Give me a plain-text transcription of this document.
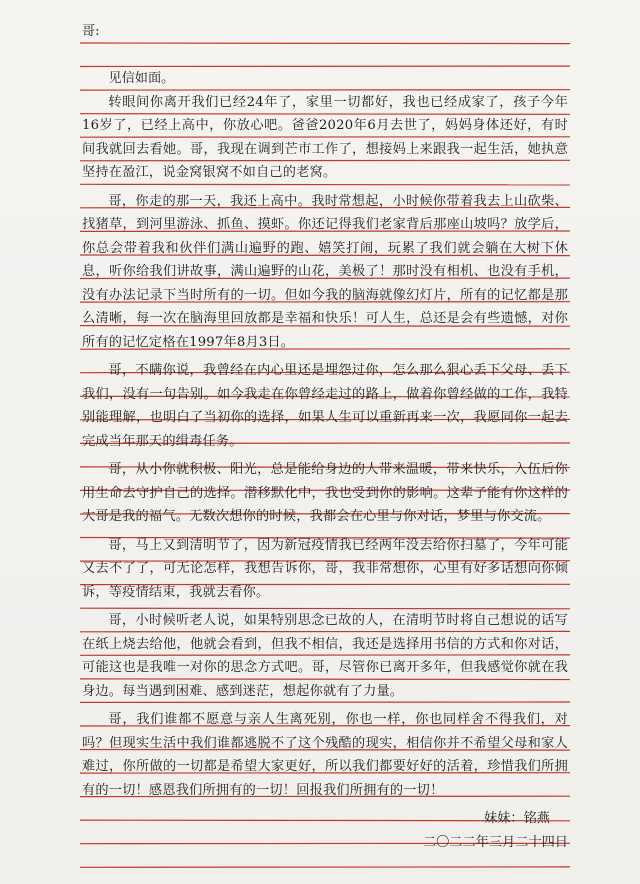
哥:

见信如面。

转眼间你离开我们已经24年了，家里一切都好，我也已经成家了，孩子今年16岁了，已经上高中，你放心吧。爸爸2020年6月去世了，妈妈身体还好，有时间我就回去看她。哥，我现在调到芒市工作了，想接妈上来跟我一起生活，她执意坚持在盈江，说金窝银窝不如自己的老窝。

哥，你走的那一天，我还上高中。我时常想起，小时候你带着我去上山砍柴、找猪草，到河里游泳、抓鱼、摸虾。你还记得我们老家背后那座山坡吗？放学后，你总会带着我和伙伴们满山遍野的跑、嬉笑打闹，玩累了我们就会躺在大树下休息，听你给我们讲故事，满山遍野的山花，美极了！那时没有相机、也没有手机，没有办法记录下当时所有的一切。但如今我的脑海就像幻灯片，所有的记忆都是那么清晰，每一次在脑海里回放都是幸福和快乐！可人生，总还是会有些遗憾，对你所有的记忆定格在1997年8月3日。

哥，不瞒你说，我曾经在内心里还是埋怨过你，怎么那么狠心丢下父母、丢下我们，没有一句告别。如今我走在你曾经走过的路上，做着你曾经做的工作，我特别能理解，也明白了当初你的选择，如果人生可以重新再来一次，我愿同你一起去完成当年那天的缉毒任务。

哥，从小你就积极、阳光，总是能给身边的人带来温暖，带来快乐，入伍后你用生命去守护自己的选择。潜移默化中，我也受到你的影响。这辈子能有你这样的大哥是我的福气。无数次想你的时候，我都会在心里与你对话，梦里与你交流。

哥，马上又到清明节了，因为新冠疫情我已经两年没去给你扫墓了，今年可能又去不了了，可无论怎样，我想告诉你，哥，我非常想你，心里有好多话想向你倾诉，等疫情结束，我就去看你。

哥，小时候听老人说，如果特别思念已故的人，在清明节时将自己想说的话写在纸上烧去给他，他就会看到，但我不相信，我还是选择用书信的方式和你对话，可能这也是我唯一对你的思念方式吧。哥，尽管你已离开多年，但我感觉你就在我身边。每当遇到困难、感到迷茫，想起你就有了力量。

哥，我们谁都不愿意与亲人生离死别，你也一样，你也同样舍不得我们，对吗？但现实生活中我们谁都逃脱不了这个残酷的现实，相信你并不希望父母和家人难过，你所做的一切都是希望大家更好，所以我们都要好好的活着，珍惜我们所拥有的一切！感恩我们所拥有的一切！回报我们所拥有的一切！

妹妹：铭燕
二〇二二年三月二十四日
